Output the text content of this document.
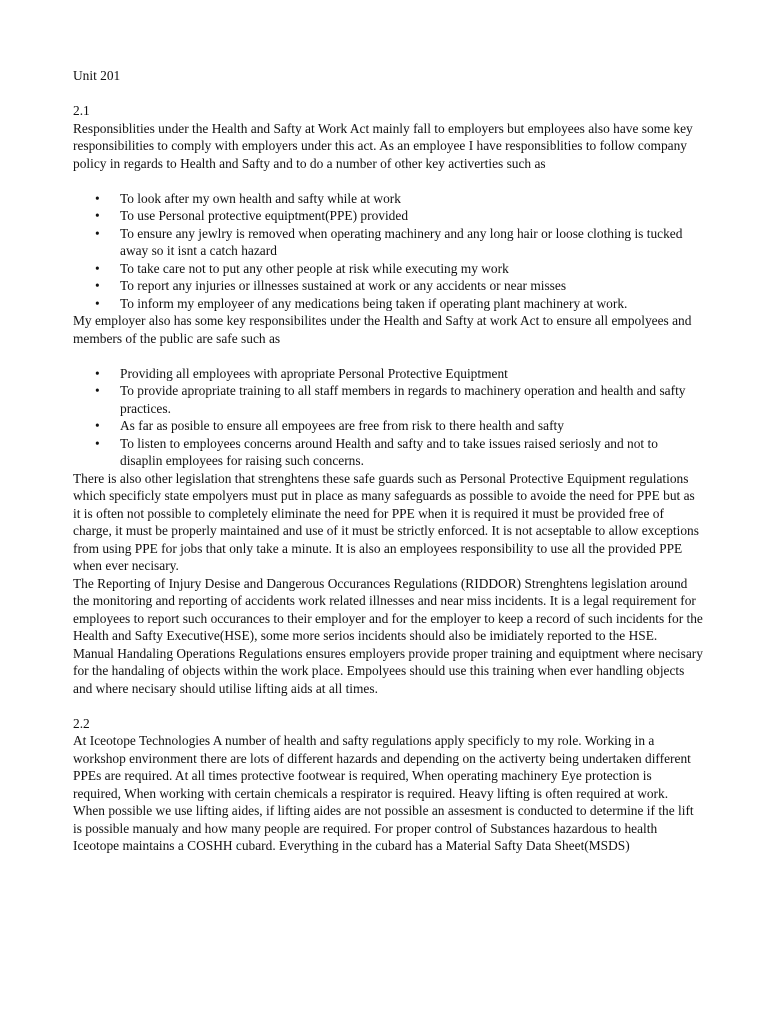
Unit 201

2.1

Responsiblities under the Health and Safty at Work Act mainly fall to employers but employees also have some key responsibilities to comply with employers under this act. As an employee I have responsiblities to follow company policy in regards to Health and Safty and to do a number of other key activerties such as

• To look after my own health and safty while at work
• To use Personal protective equiptment(PPE) provided
• To ensure any jewlry is removed when operating machinery and any long hair or loose clothing is tucked away so it isnt a catch hazard
• To take care not to put any other people at risk while executing my work
• To report any injuries or illnesses sustained at work or any accidents or near misses
• To inform my employeer of any medications being taken if operating plant machinery at work.

My employer also has some key responsibilites under the Health and Safty at work Act to ensure all empolyees and members of the public are safe such as

• Providing all employees with apropriate Personal Protective Equiptment
• To provide apropriate training to all staff members in regards to machinery operation and health and safty practices.
• As far as posible to ensure all empoyees are free from risk to there health and safty
• To listen to employees concerns around Health and safty and to take issues raised seriosly and not to disaplin employees for raising such concerns.

There is also other legislation that strenghtens these safe guards such as Personal Protective Equipment regulations which specificly state empolyers must put in place as many safeguards as possible to avoide the need for PPE but as it is often not possible to completely eliminate the need for PPE when it is required it must be provided free of charge, it must be properly maintained and use of it must be strictly enforced. It is not acseptable to allow exceptions from using PPE for jobs that only take a minute. It is also an employees responsibility to use all the provided PPE when ever necisary.

The Reporting of Injury Desise and Dangerous Occurances Regulations (RIDDOR) Strenghtens legislation around the monitoring and reporting of accidents work related illnesses and near miss incidents. It is a legal requirement for employees to report such occurances to their employer and for the employer to keep a record of such incidents for the Health and Safty Executive(HSE), some more serios incidents should also be imidiately reported to the HSE.

Manual Handaling Operations Regulations ensures employers provide proper training and equiptment where necisary for the handaling of objects within the work place. Empolyees should use this training when ever handling objects and where necisary should utilise lifting aids at all times.

2.2

At Iceotope Technologies A number of health and safty regulations apply specificly to my role. Working in a workshop environment there are lots of different hazards and depending on the activerty being undertaken different PPEs are required. At all times protective footwear is required, When operating machinery Eye protection is required, When working with certain chemicals a respirator is required. Heavy lifting is often required at work. When possible we use lifting aides, if lifting aides are not possible an assesment is conducted to determine if the lift is possible manualy and how many people are required. For proper control of Substances hazardous to health Iceotope maintains a COSHH cubard. Everything in the cubard has a Material Safty Data Sheet(MSDS)
